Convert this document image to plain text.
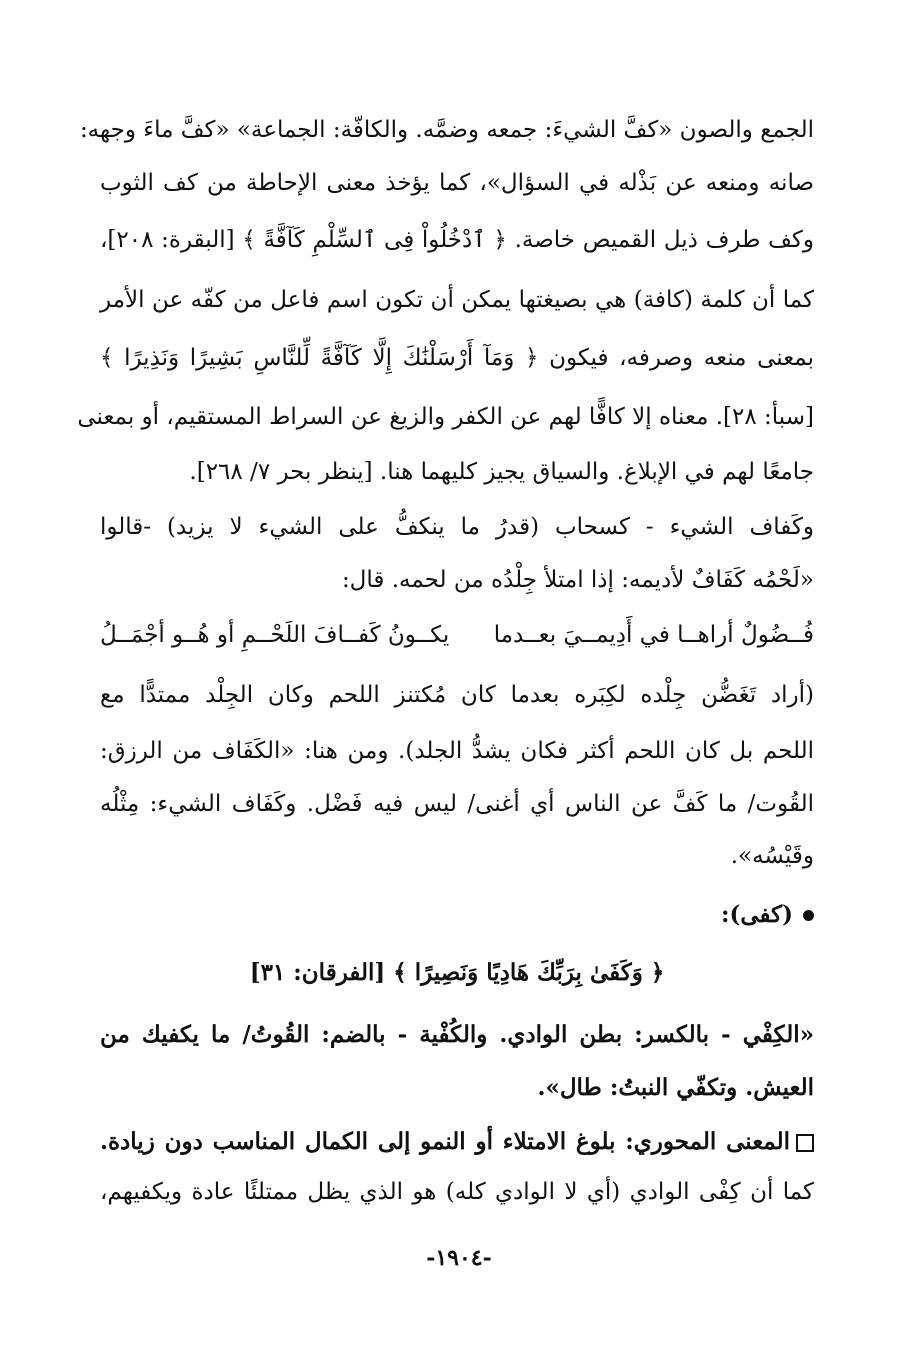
الجمع والصون «كفَّ الشيءَ: جمعه وضمَّه. والكافّة: الجماعة» «كفَّ ماءَ وجهه:
صانه ومنعه عن بَذْله في السؤال»، كما يؤخذ معنى الإحاطة من كف الثوب
وكف طرف ذيل القميص خاصة. ﴿ ٱدْخُلُواْ فِى ٱلسِّلْمِ كَآفَّةً ﴾ [البقرة: ٢٠٨]،
كما أن كلمة (كافة) هي بصيغتها يمكن أن تكون اسم فاعل من كفّه عن الأمر
بمعنى منعه وصرفه، فيكون ﴿ وَمَآ أَرْسَلْنَٰكَ إِلَّا كَآفَّةً لِّلنَّاسِ بَشِيرًا وَنَذِيرًا ﴾
[سبأ: ٢٨]. معناه إلا كافًّا لهم عن الكفر والزيغ عن السراط المستقيم، أو بمعنى
جامعًا لهم في الإبلاغ. والسياق يجيز كليهما هنا. [ينظر بحر ٧/ ٢٦٨].
وكَفاف الشيء - كسحاب (قدرُ ما ينكفُّ على الشيء لا يزيد) -قالوا
«لَحْمُه كَفَافٌ لأديمه: إذا امتلأ جِلْدُه من لحمه. قال:
فُــضُولٌ أراهــا في أَدِيمــيَ بعــدما
يكــونُ كَفــافَ اللَحْــمِ أو هُــو أجْمَــلُ
(أراد تَغَضُّن جِلْده لكِبَره بعدما كان مُكتنز اللحم وكان الجِلْد ممتدًّا مع
اللحم بل كان اللحم أكثر فكان يشدُّ الجلد). ومن هنا: «الكَفَاف من الرزق:
القُوت/ ما كَفَّ عن الناس أي أغنى/ ليس فيه فَضْل. وكَفَاف الشيء: مِثْلُه
وقَيْسُه».
(كفى):
﴿ وَكَفَىٰ بِرَبِّكَ هَادِيًا وَنَصِيرًا ﴾ [الفرقان: ٣١]
«الكِفْي - بالكسر: بطن الوادي. والكُفْية - بالضم: القُوتُ/ ما يكفيك من
العيش. وتكفّي النبتُ: طال».
المعنى المحوري: بلوغ الامتلاء أو النمو إلى الكمال المناسب دون زيادة.
كما أن كِفْى الوادي (أي لا الوادي كله) هو الذي يظل ممتلئًا عادة ويكفيهم،
-١٩٠٤-
